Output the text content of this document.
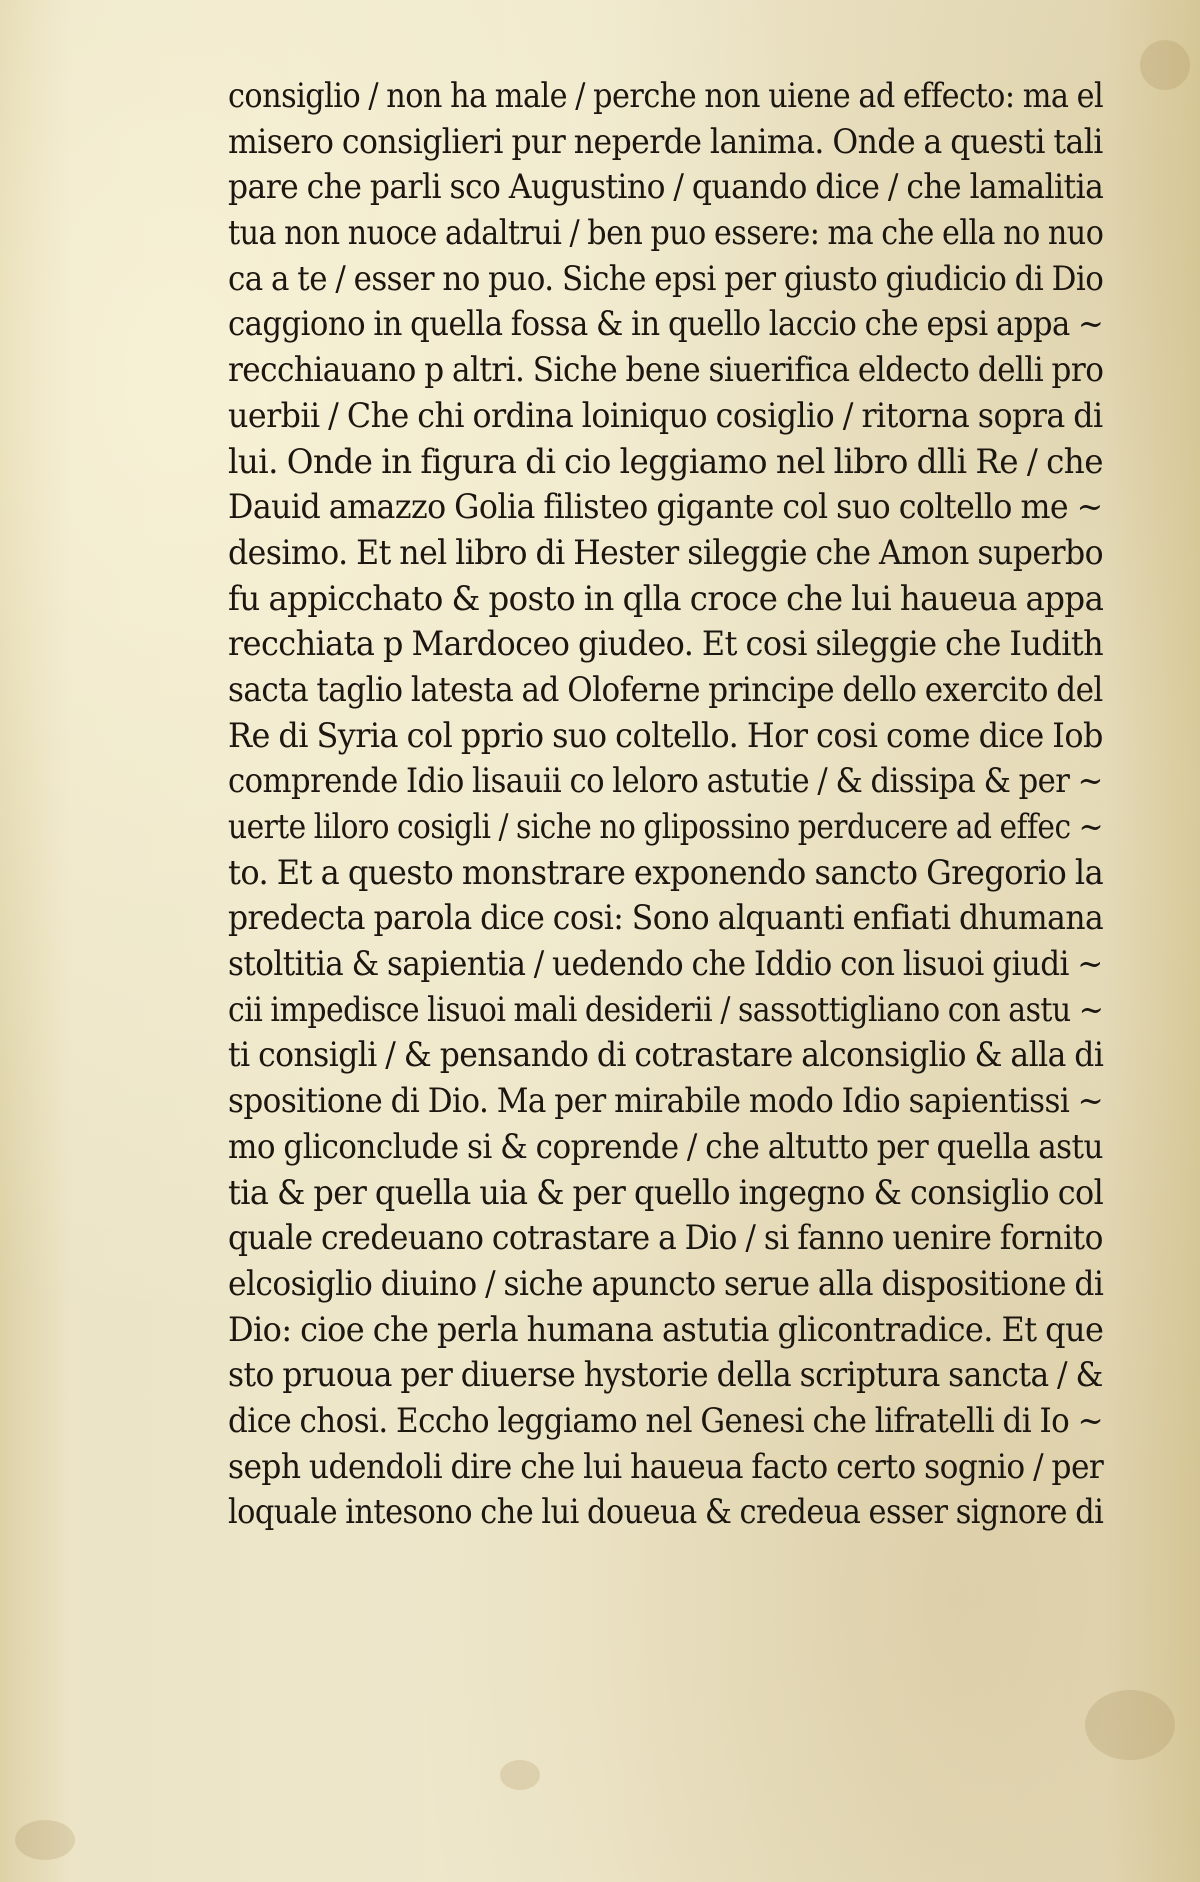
consiglio / non ha male / perche non uiene ad effecto: ma el
misero consiglieri pur neperde lanima. Onde a questi tali
pare che parli sco Augustino / quando dice / che lamalitia
tua non nuoce adaltrui / ben puo essere: ma che ella no nuo
ca a te / esser no puo. Siche epsi per giusto giudicio di Dio
caggiono in quella fossa & in quello laccio che epsi appa ~
recchiauano p altri. Siche bene siuerifica eldecto delli pro
uerbii / Che chi ordina loiniquo cosiglio / ritorna sopra di
lui. Onde in figura di cio leggiamo nel libro dlli Re / che
Dauid amazzo Golia filisteo gigante col suo coltello me ~
desimo. Et nel libro di Hester sileggie che Amon superbo
fu appicchato & posto in qlla croce che lui haueua appa
recchiata p Mardoceo giudeo. Et cosi sileggie che Iudith
sacta taglio latesta ad Oloferne principe dello exercito del
Re di Syria col pprio suo coltello. Hor cosi come dice Iob
comprende Idio lisauii co leloro astutie / & dissipa & per ~
uerte liloro cosigli / siche no glipossino perducere ad effec ~
to. Et a questo monstrare exponendo sancto Gregorio la
predecta parola dice cosi: Sono alquanti enfiati dhumana
stoltitia & sapientia / uedendo che Iddio con lisuoi giudi ~
cii impedisce lisuoi mali desiderii / sassottigliano con astu ~
ti consigli / & pensando di cotrastare alconsiglio & alla di
spositione di Dio. Ma per mirabile modo Idio sapientissi ~
mo gliconclude si & coprende / che altutto per quella astu
tia & per quella uia & per quello ingegno & consiglio col
quale credeuano cotrastare a Dio / si fanno uenire fornito
elcosiglio diuino / siche apuncto serue alla dispositione di
Dio: cioe che perla humana astutia glicontradice. Et que
sto pruoua per diuerse hystorie della scriptura sancta / &
dice chosi. Eccho leggiamo nel Genesi che lifratelli di Io ~
seph udendoli dire che lui haueua facto certo sognio / per
loquale intesono che lui doueua & credeua esser signore di
